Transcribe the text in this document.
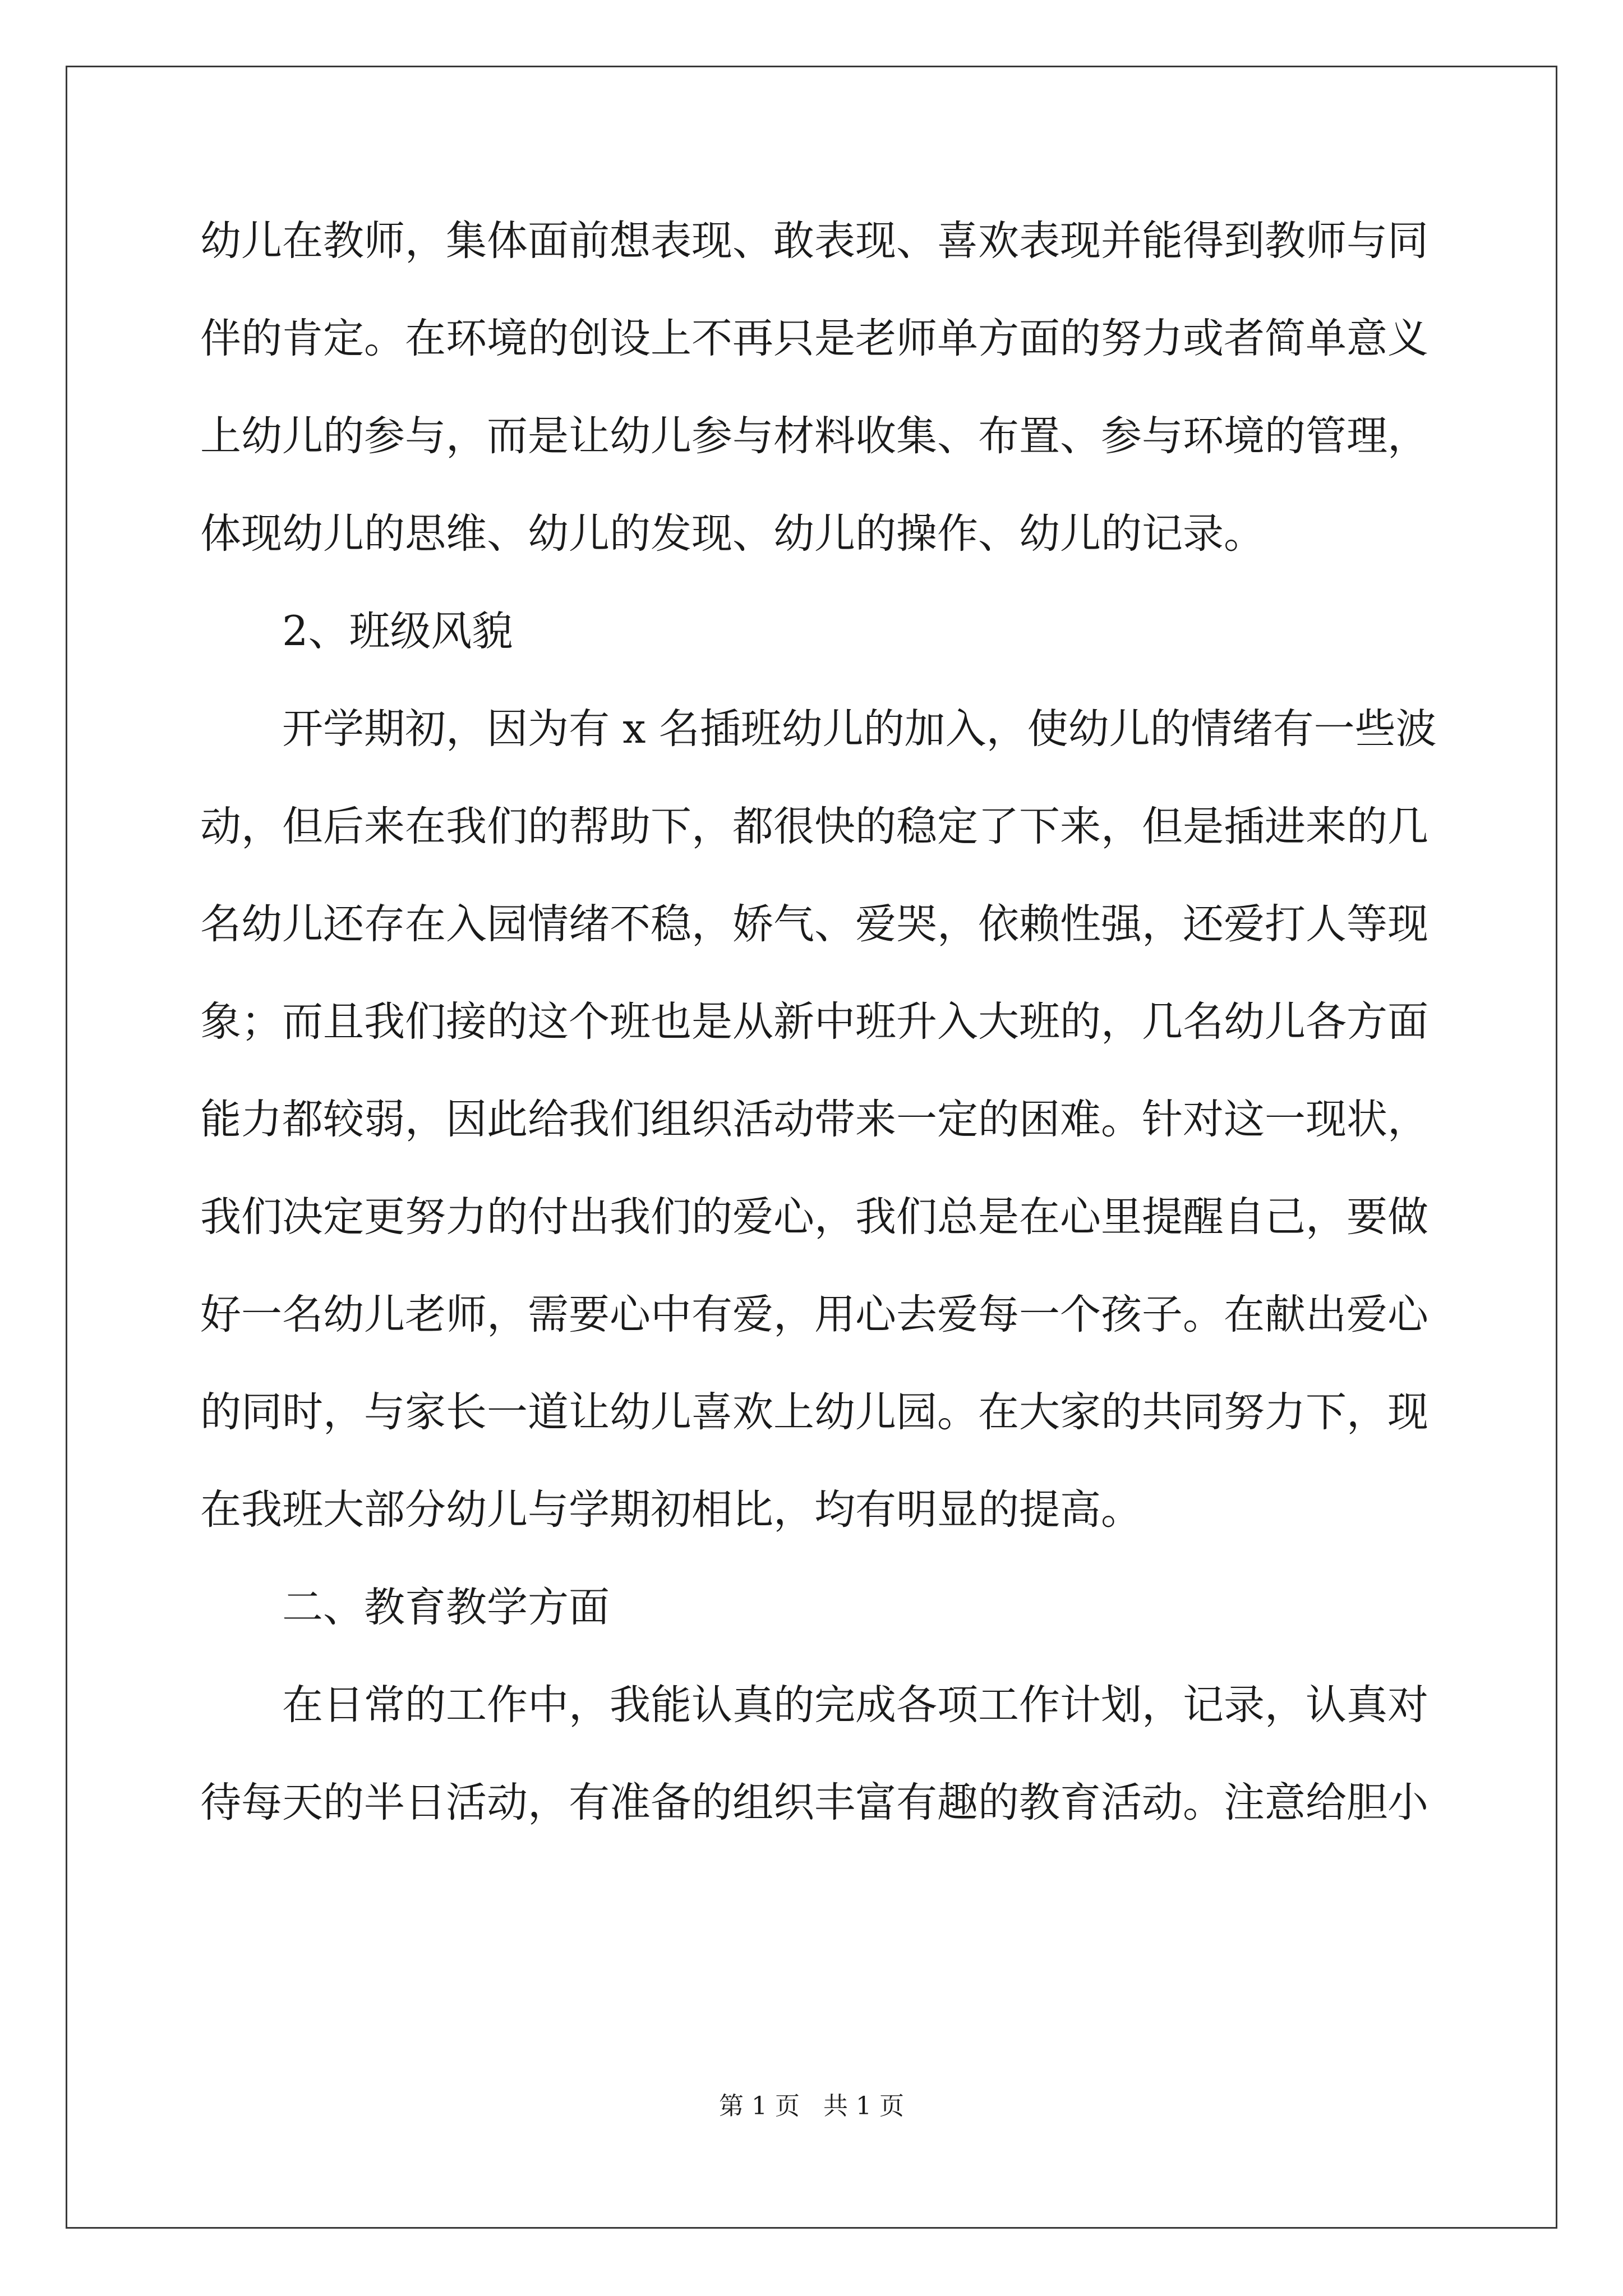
幼儿在教师，集体面前想表现、敢表现、喜欢表现并能得到教师与同
伴的肯定。在环境的创设上不再只是老师单方面的努力或者简单意义
上幼儿的参与，而是让幼儿参与材料收集、布置、参与环境的管理，
体现幼儿的思维、幼儿的发现、幼儿的操作、幼儿的记录。
2、班级风貌
开学期初，因为有 x 名插班幼儿的加入，使幼儿的情绪有一些波
动，但后来在我们的帮助下，都很快的稳定了下来，但是插进来的几
名幼儿还存在入园情绪不稳，娇气、爱哭，依赖性强，还爱打人等现
象；而且我们接的这个班也是从新中班升入大班的，几名幼儿各方面
能力都较弱，因此给我们组织活动带来一定的困难。针对这一现状，
我们决定更努力的付出我们的爱心，我们总是在心里提醒自己，要做
好一名幼儿老师，需要心中有爱，用心去爱每一个孩子。在献出爱心
的同时，与家长一道让幼儿喜欢上幼儿园。在大家的共同努力下，现
在我班大部分幼儿与学期初相比，均有明显的提高。
二、教育教学方面
在日常的工作中，我能认真的完成各项工作计划，记录，认真对
待每天的半日活动，有准备的组织丰富有趣的教育活动。注意给胆小
第 1 页   共 1 页
